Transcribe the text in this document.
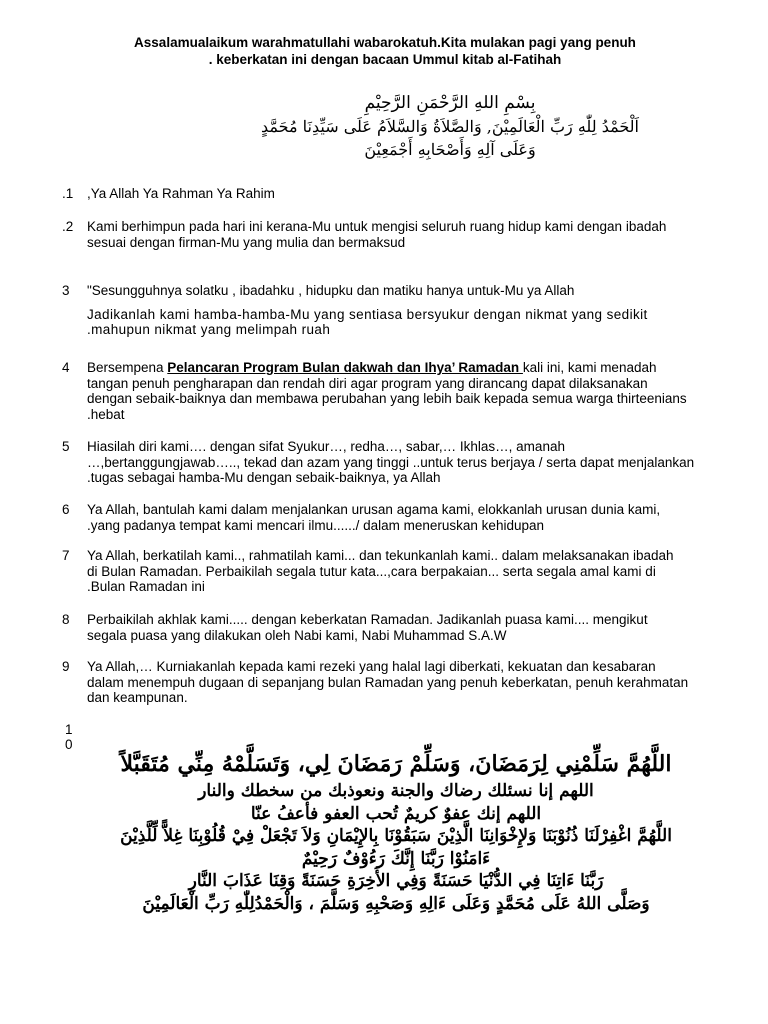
Assalamualaikum warahmatullahi wabarokatuh.Kita mulakan pagi yang penuh
. keberkatan ini dengan bacaan Ummul kitab al-Fatihah
بِسْمِ اللهِ الرَّحْمَنِ الرَّحِيْمِ
اَلْحَمْدُ لِلّٰهِ رَبِّ الْعَالَمِيْنَ, وَالصَّلاَةُ وَالسَّلاَمُ عَلَى سَيِّدِنَا مُحَمَّدٍ
وَعَلَى آلِهِ وَأَصْحَابِهِ أَجْمَعِيْنَ
.1	,Ya Allah Ya Rahman Ya Rahim
.2	Kami berhimpun pada hari ini kerana-Mu untuk mengisi seluruh ruang hidup kami dengan ibadah
sesuai dengan firman-Mu yang mulia dan bermaksud
3	"Sesungguhnya solatku , ibadahku , hidupku dan matiku hanya untuk-Mu ya Allah
Jadikanlah kami hamba-hamba-Mu yang sentiasa bersyukur dengan nikmat yang sedikit
.mahupun nikmat yang melimpah ruah
4	Bersempena Pelancaran Program Bulan dakwah dan Ihya’ Ramadan kali ini, kami menadah
tangan penuh pengharapan dan rendah diri agar program yang dirancang dapat dilaksanakan
dengan sebaik-baiknya dan membawa perubahan yang lebih baik kepada semua warga thirteenians
.hebat
5	Hiasilah diri kami…. dengan sifat Syukur…, redha…, sabar,… Ikhlas…, amanah
…,bertanggungjawab….., tekad dan azam yang tinggi ..untuk terus berjaya / serta dapat menjalankan
.tugas sebagai hamba-Mu dengan sebaik-baiknya, ya Allah
6	Ya Allah, bantulah kami dalam menjalankan urusan agama kami, elokkanlah urusan dunia kami,
.yang padanya tempat kami mencari ilmu....../ dalam meneruskan kehidupan
7	Ya Allah, berkatilah kami.., rahmatilah kami... dan tekunkanlah kami.. dalam melaksanakan ibadah
di Bulan Ramadan. Perbaikilah segala tutur kata...,cara berpakaian... serta segala amal kami di
.Bulan Ramadan ini
8	Perbaikilah akhlak kami..... dengan keberkatan Ramadan. Jadikanlah puasa kami.... mengikut
segala puasa yang dilakukan oleh Nabi kami, Nabi Muhammad S.A.W
9	Ya Allah,… Kurniakanlah kepada kami rezeki yang halal lagi diberkati, kekuatan dan kesabaran
dalam menempuh dugaan di sepanjang bulan Ramadan yang penuh keberkatan, penuh kerahmatan
dan keampunan.
1
0
اللَّهُمَّ سَلِّمْنِي لِرَمَضَانَ، وَسَلِّمْ رَمَضَانَ لِي، وَتَسَلَّمْهُ مِنِّي مُتَقَبَّلاً
اللهم إنا نسئلك رضاك والجنة ونعوذبك من سخطك والنار
اللهم إنك عفوٌ كريمٌ تُحب العفو فأعفُ عنّا
اللَّهُمَّ اغْفِرْلَنَا ذُنُوْبَنَا وَلإِخْوَانِنَا الَّذِيْنَ سَبَقُوْنَا بِالإِيْمَانِ وَلاَ تَجْعَلْ فِيْ قُلُوْبِنَا غِلاًّ لِّلَّذِيْنَ
ءَامَنُوْا رَبَّنَا إِنَّكَ رَءُوْفٌ رَحِيْمٌ
رَبَّنَا ءَاتِنَا فِي الدُّنْيَا حَسَنَةً وَفِي الأَخِرَةِ حَسَنَةً وَقِنَا عَذَابَ النَّارِ
وَصَلَّى اللهُ عَلَى مُحَمَّدٍ وَعَلَى ءَالِهِ وَصَحْبِهِ وَسَلَّمَ ، وَالْحَمْدُلِلّٰهِ رَبِّ الْعَالَمِيْنَ
